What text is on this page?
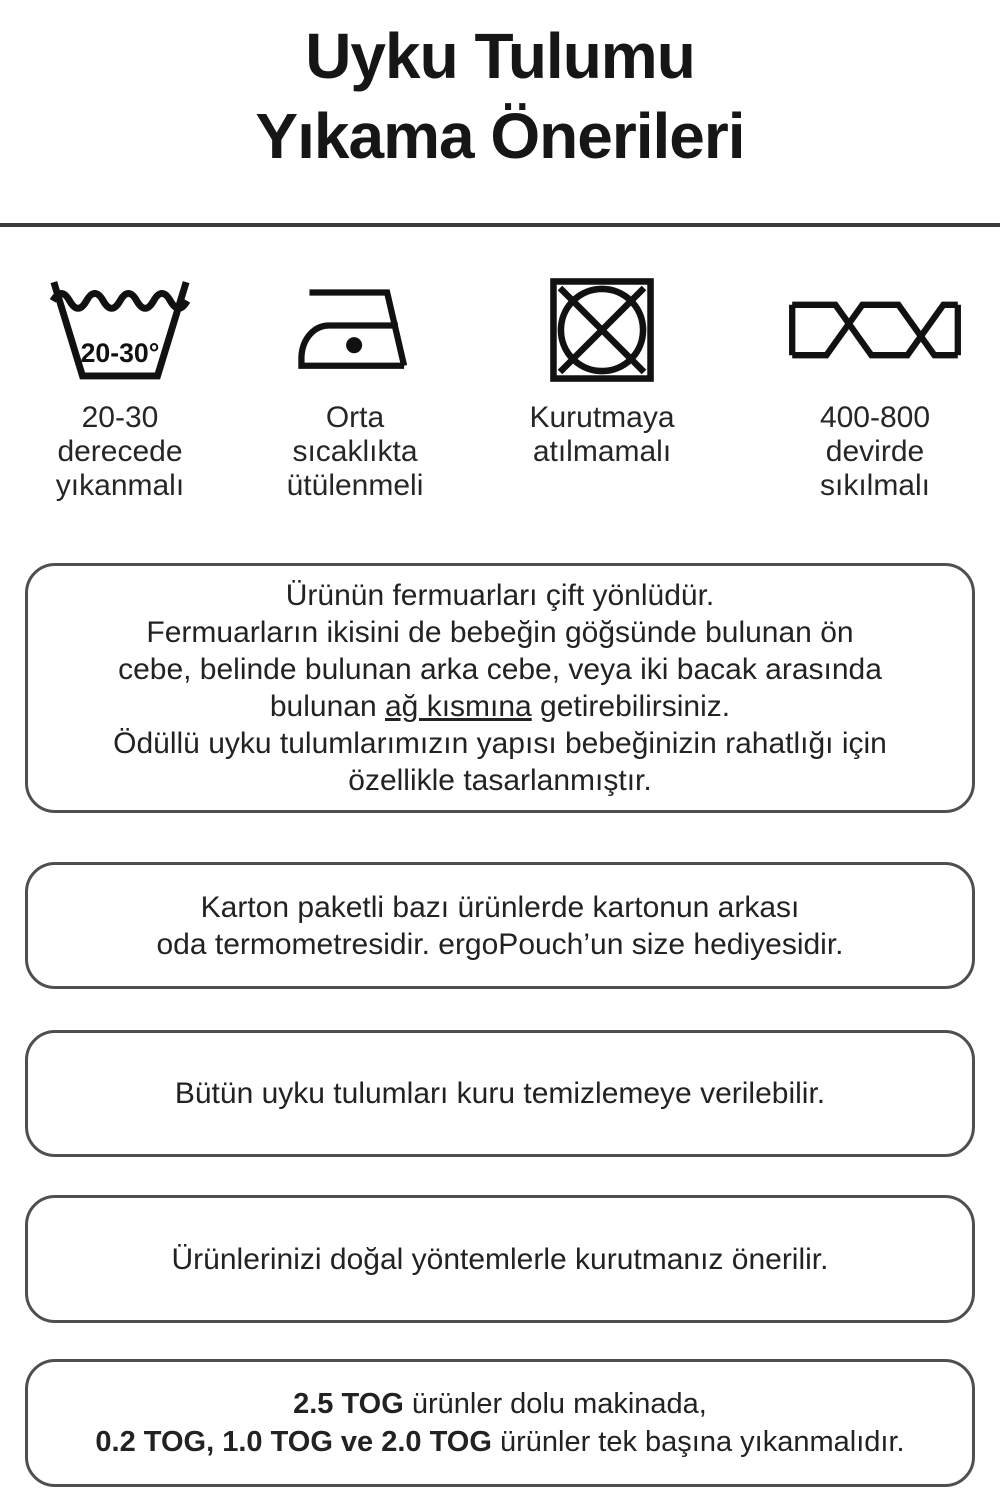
Uyku Tulumu
Yıkama Önerileri
20-30°
20-30
derecede
yıkanmalı
Orta
sıcaklıkta
ütülenmeli
Kurutmaya
atılmamalı
400-800
devirde
sıkılmalı
Ürünün fermuarları çift yönlüdür.
Fermuarların ikisini de bebeğin göğsünde bulunan ön
cebe, belinde bulunan arka cebe, veya iki bacak arasında
bulunan ağ kısmına getirebilirsiniz.
Ödüllü uyku tulumlarımızın yapısı bebeğinizin rahatlığı için
özellikle tasarlanmıştır.
Karton paketli bazı ürünlerde kartonun arkası
oda termometresidir. ergoPouch’un size hediyesidir.
Bütün uyku tulumları kuru temizlemeye verilebilir.
Ürünlerinizi doğal yöntemlerle kurutmanız önerilir.
2.5 TOG ürünler dolu makinada,
0.2 TOG, 1.0 TOG ve 2.0 TOG ürünler tek başına yıkanmalıdır.
